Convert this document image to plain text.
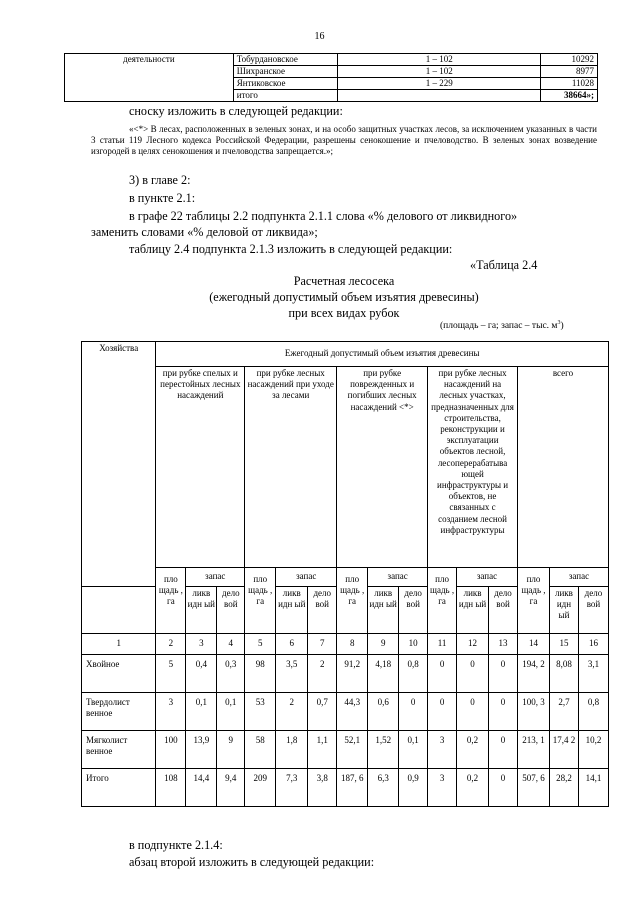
16
деятельности	Тобурдановское	1 – 102	10292
	Шихранское	1 – 102	8977
	Янтиковское	1 – 229	11028
	итого		38664»;
сноску изложить в следующей редакции:
«<*> В лесах, расположенных в зеленых зонах, и на особо защитных участках лесов, за исключением указанных в части 3 статьи 119 Лесного кодекса Российской Федерации, разрешены сенокошение и пчеловодство. В зеленых зонах возведение изгородей в целях сенокошения и пчеловодства запрещается.»;
3) в главе 2:
в пункте 2.1:
в графе 22 таблицы 2.2 подпункта 2.1.1 слова «% делового от ликвидного»
заменить словами «% деловой от ликвида»;
таблицу 2.4 подпункта 2.1.3 изложить в следующей редакции:
«Таблица 2.4
Расчетная лесосека
(ежегодный допустимый объем изъятия древесины)
при всех видах рубок
(площадь – га; запас – тыс. $м^3$)
Хозяйства	Ежегодный допустимый объем изъятия древесины														
	при рубке спелых и перестойных лесных насаждений			при рубке лесных насаждений при уходе за лесами			при рубке поврежденных и погибших лесных насаждений <*>			при рубке лесных насаждений на лесных участках, предназначенных для строительства, реконструкции и эксплуатации объектов лесной, лесоперерабатыва ющей инфраструктуры и объектов, не связанных с созданием лесной инфраструктуры			всего		
	пло щадь , га	запас		пло щадь , га	запас		пло щадь , га	запас		пло щадь , га	запас		пло щадь , га	запас	
		ликв идн ый	дело вой		ликв идн ый	дело вой		ликв идн ый	дело вой		ликв идн ый	дело вой		ликв идн ый	дело вой
1	2	3	4	5	6	7	8	9	10	11	12	13	14	15	16
Хвойное	5	0,4	0,3	98	3,5	2	91,2	4,18	0,8	0	0	0	194, 2	8,08	3,1
Твердолист венное	3	0,1	0,1	53	2	0,7	44,3	0,6	0	0	0	0	100, 3	2,7	0,8
Мягколист венное	100	13,9	9	58	1,8	1,1	52,1	1,52	0,1	3	0,2	0	213, 1	17,4 2	10,2
Итого	108	14,4	9,4	209	7,3	3,8	187, 6	6,3	0,9	3	0,2	0	507, 6	28,2	14,1
в подпункте 2.1.4:
абзац второй изложить в следующей редакции:
